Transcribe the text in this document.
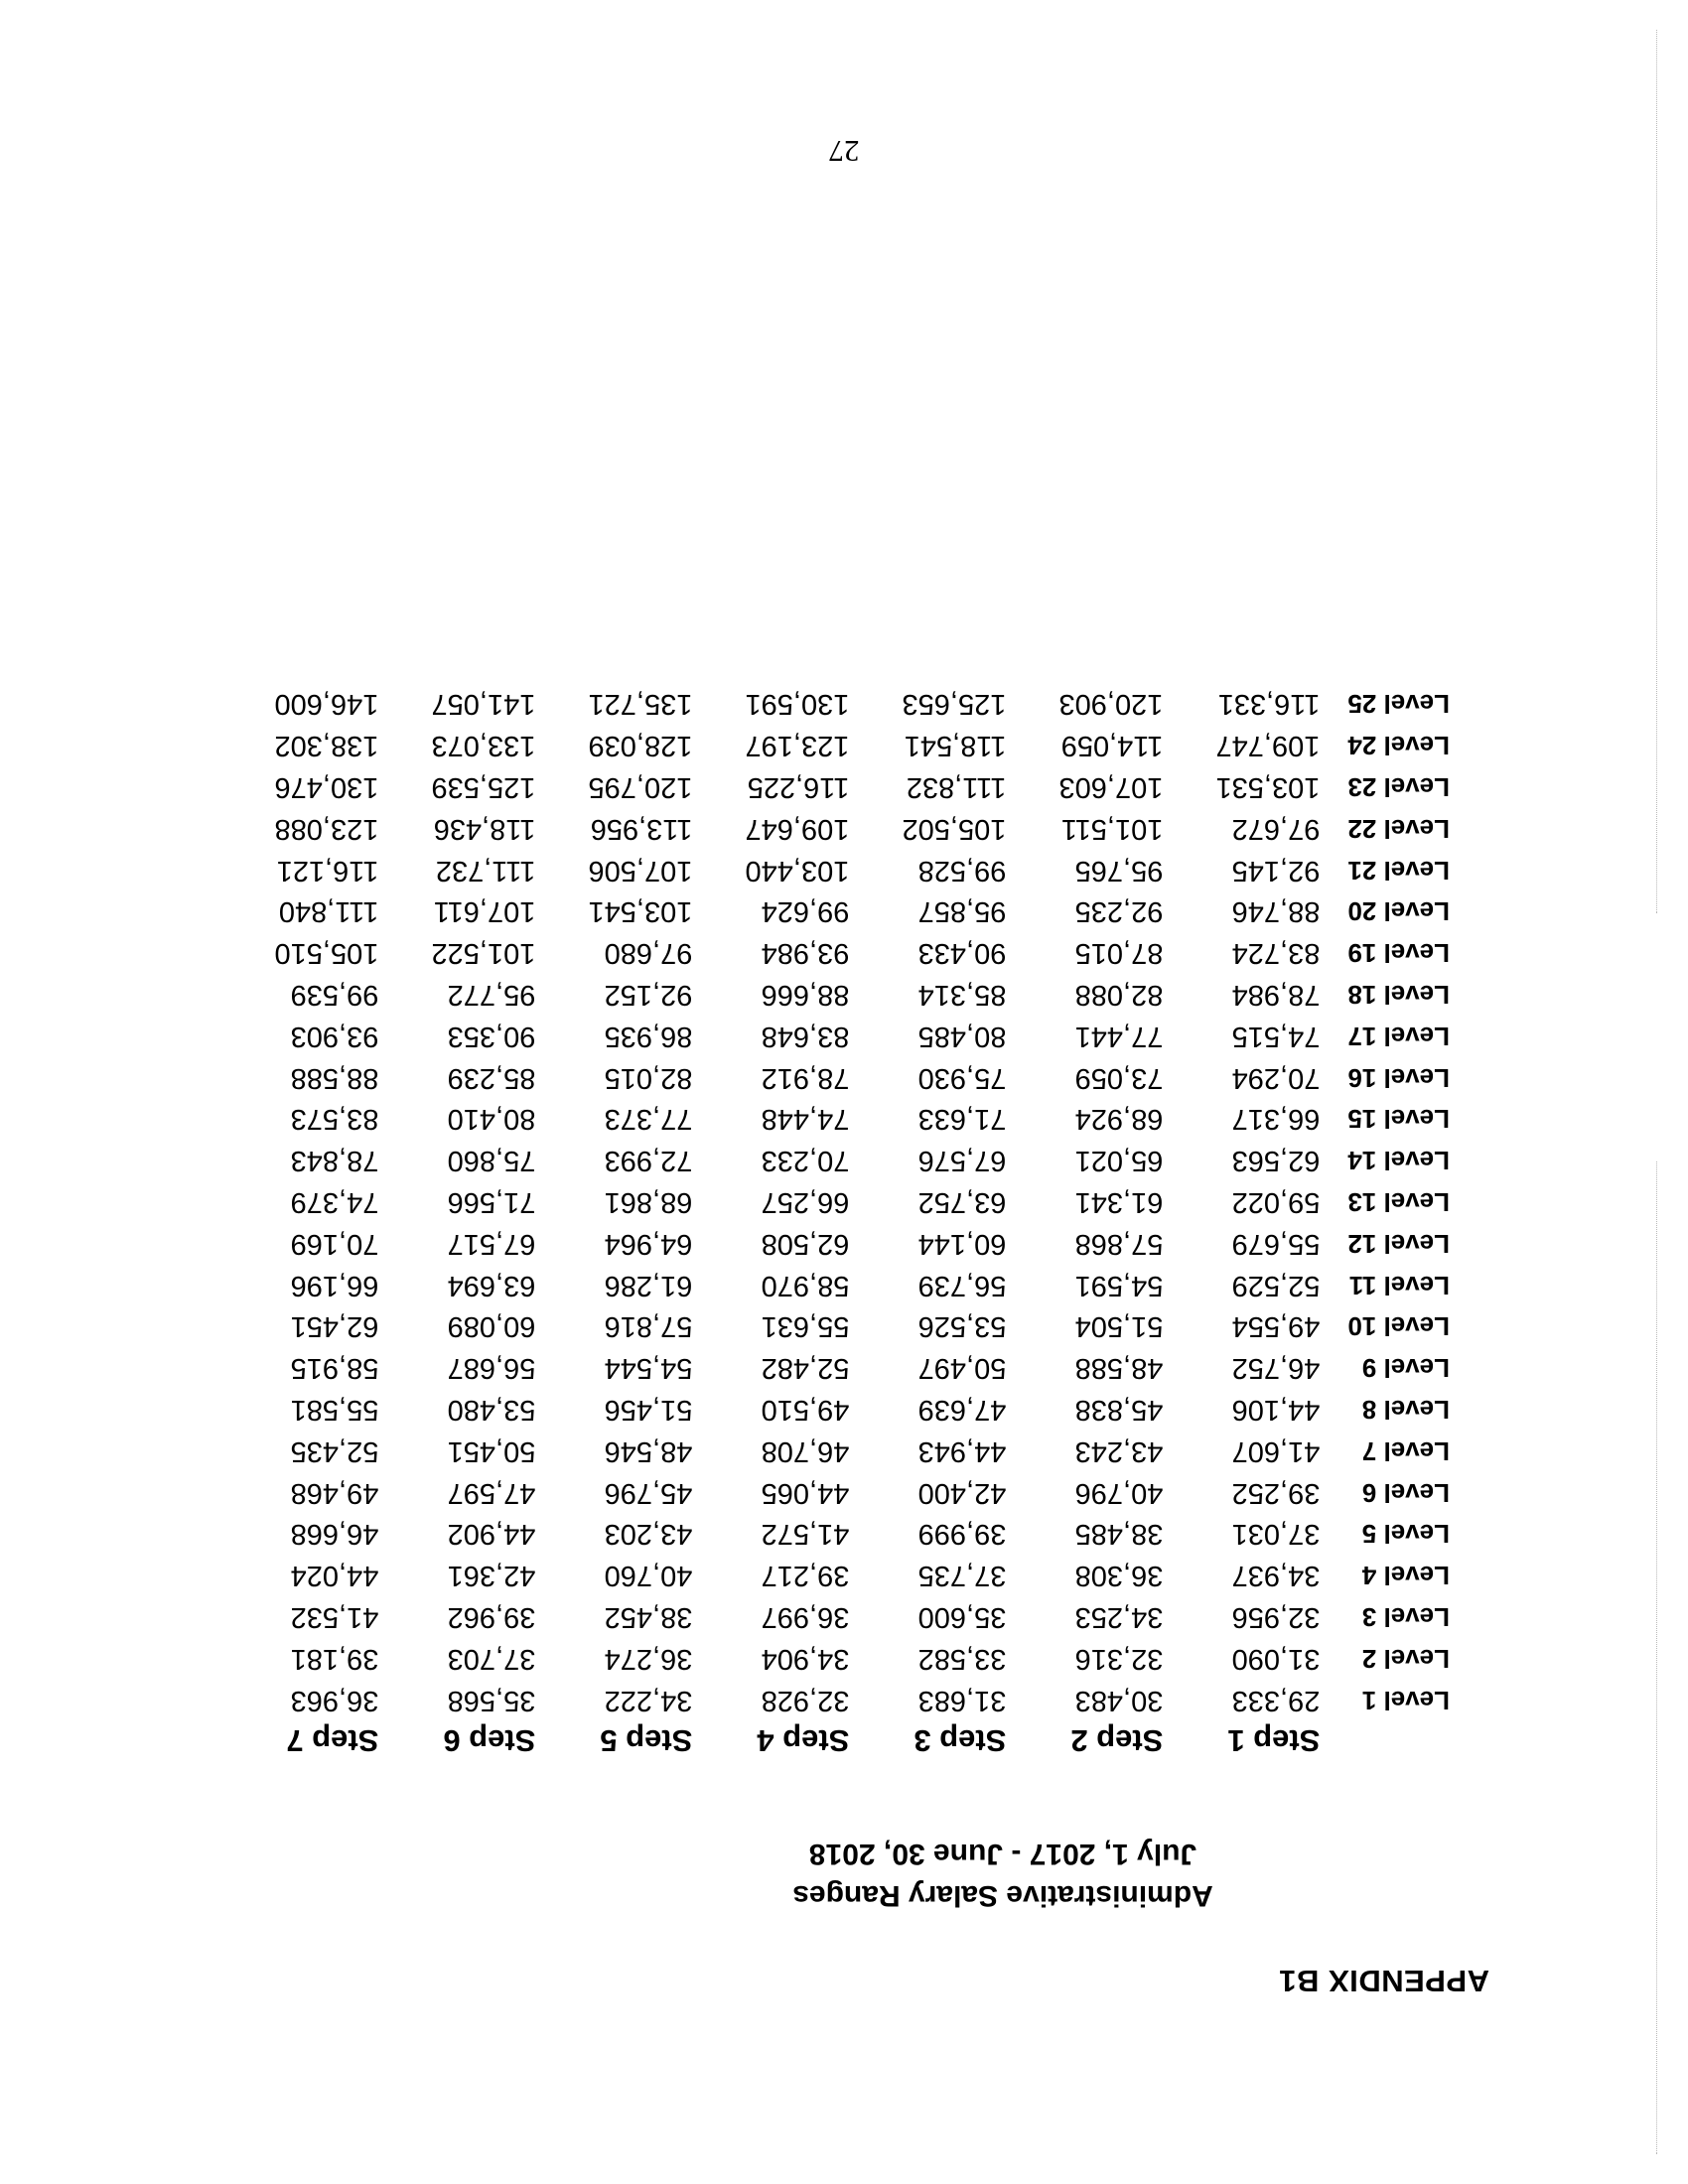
APPENDIX B1
Administrative Salary Ranges
July 1, 2017 - June 30, 2018
	Step 1	Step 2	Step 3	Step 4	Step 5	Step 6	Step 7
Level 1	29,333	30,483	31,683	32,928	34,222	35,568	36,963
Level 2	31,090	32,316	33,582	34,904	36,274	37,703	39,181
Level 3	32,956	34,253	35,600	36,997	38,452	39,962	41,532
Level 4	34,937	36,308	37,735	39,217	40,760	42,361	44,024
Level 5	37,031	38,485	39,999	41,572	43,203	44,902	46,668
Level 6	39,252	40,796	42,400	44,065	45,796	47,597	49,468
Level 7	41,607	43,243	44,943	46,708	48,546	50,451	52,435
Level 8	44,106	45,838	47,639	49,510	51,456	53,480	55,581
Level 9	46,752	48,588	50,497	52,482	54,544	56,687	58,915
Level 10	49,554	51,504	53,526	55,631	57,816	60,089	62,451
Level 11	52,529	54,591	56,739	58,970	61,286	63,694	66,196
Level 12	55,679	57,868	60,144	62,508	64,964	67,517	70,169
Level 13	59,022	61,341	63,752	66,257	68,861	71,566	74,379
Level 14	62,563	65,021	67,576	70,233	72,993	75,860	78,843
Level 15	66,317	68,924	71,633	74,448	77,373	80,410	83,573
Level 16	70,294	73,059	75,930	78,912	82,015	85,239	88,588
Level 17	74,515	77,441	80,485	83,648	86,935	90,353	93,903
Level 18	78,984	82,088	85,314	88,666	92,152	95,772	99,539
Level 19	83,724	87,015	90,433	93,984	97,680	101,522	105,510
Level 20	88,746	92,235	95,857	99,624	103,541	107,611	111,840
Level 21	92,145	95,765	99,528	103,440	107,506	111,732	116,121
Level 22	97,672	101,511	105,502	109,647	113,956	118,436	123,088
Level 23	103,531	107,603	111,832	116,225	120,795	125,539	130,476
Level 24	109,747	114,059	118,541	123,197	128,039	133,073	138,302
Level 25	116,331	120,903	125,653	130,591	135,721	141,057	146,600
27
